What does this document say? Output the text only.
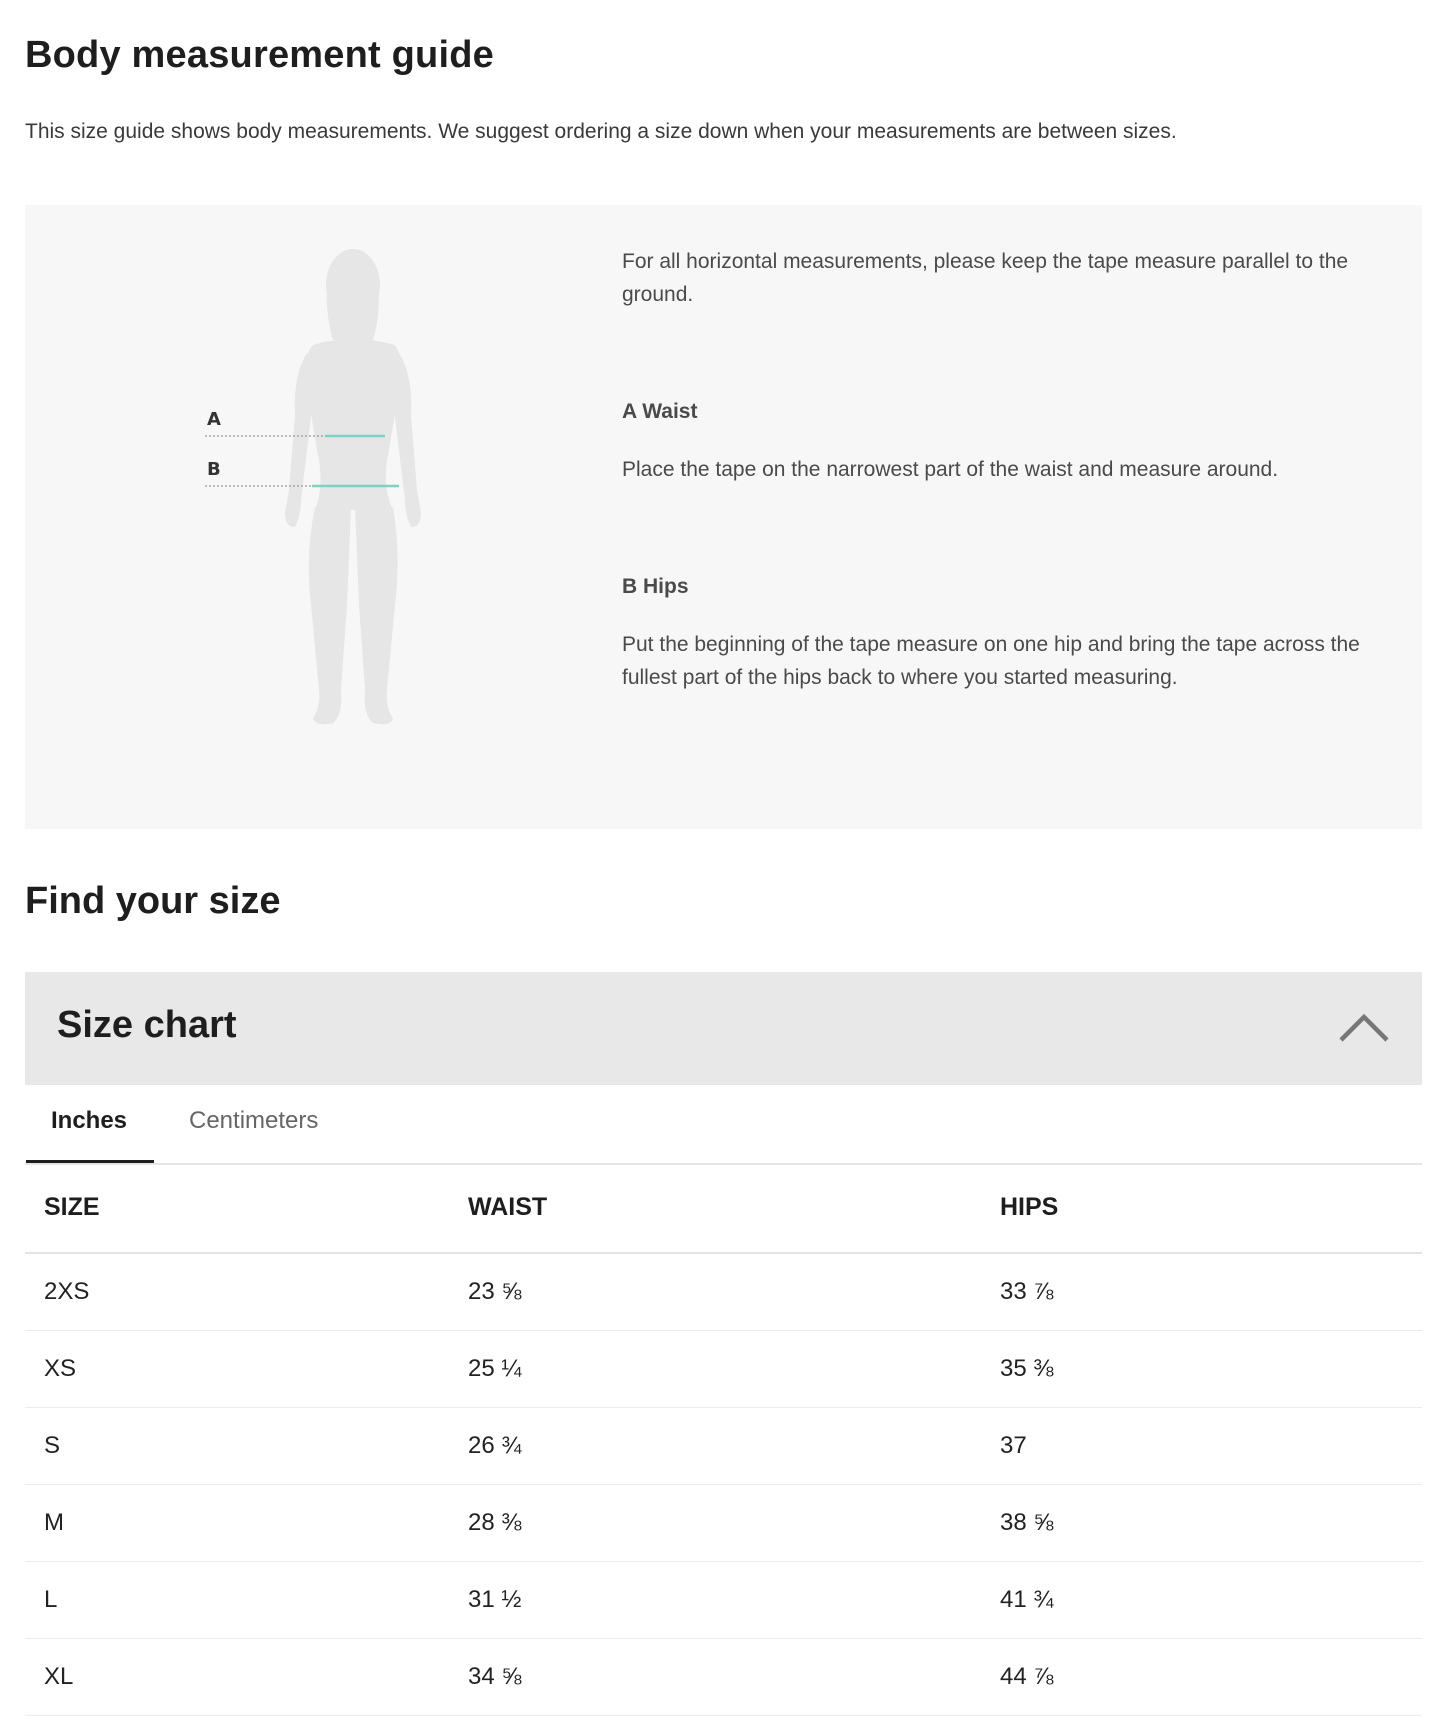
Body measurement guide

This size guide shows body measurements. We suggest ordering a size down when your measurements are between sizes.

A
B

For all horizontal measurements, please keep the tape measure parallel to the ground.

A Waist

Place the tape on the narrowest part of the waist and measure around.

B Hips

Put the beginning of the tape measure on one hip and bring the tape across the fullest part of the hips back to where you started measuring.

Find your size
Size chart
Inches	Centimeters
SIZE	WAIST	HIPS
2XS	23 ⅝	33 ⅞
XS	25 ¼	35 ⅜
S	26 ¾	37
M	28 ⅜	38 ⅝
L	31 ½	41 ¾
XL	34 ⅝	44 ⅞
